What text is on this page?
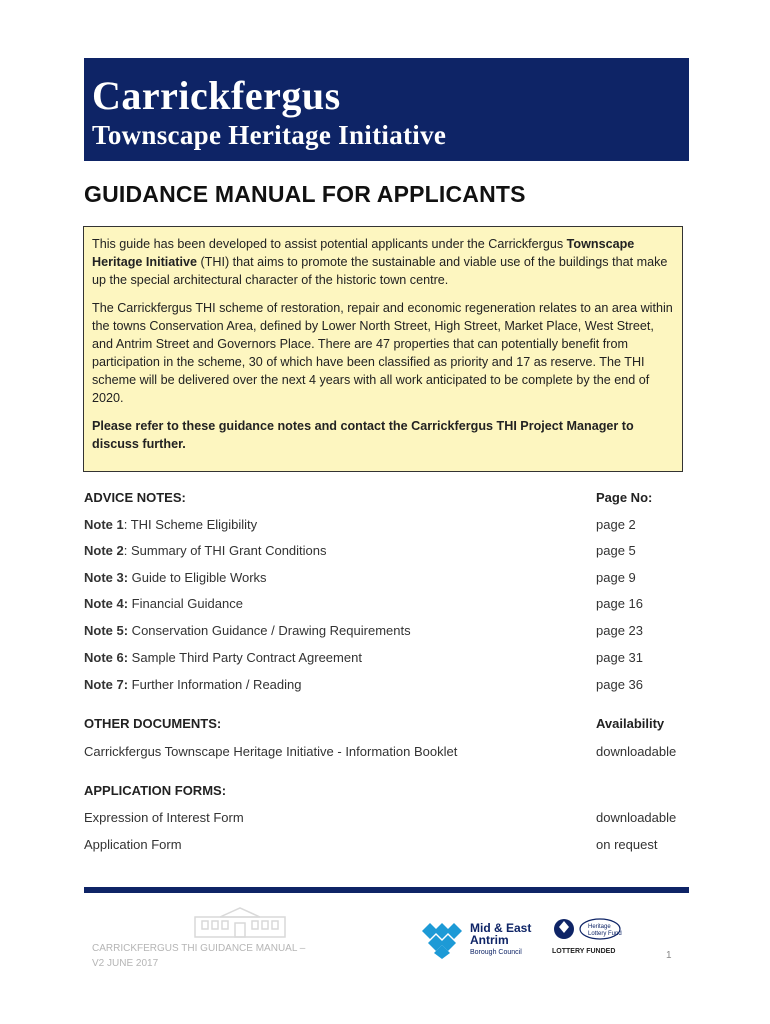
Carrickfergus
Townscape Heritage Initiative
GUIDANCE MANUAL FOR APPLICANTS

This guide has been developed to assist potential applicants under the Carrickfergus Townscape Heritage Initiative (THI) that aims to promote the sustainable and viable use of the buildings that make up the special architectural character of the historic town centre.

The Carrickfergus THI scheme of restoration, repair and economic regeneration relates to an area within the towns Conservation Area, defined by Lower North Street, High Street, Market Place, West Street, and Antrim Street and Governors Place. There are 47 properties that can potentially benefit from participation in the scheme, 30 of which have been classified as priority and 17 as reserve. The THI scheme will be delivered over the next 4 years with all work anticipated to be complete by the end of 2020.

Please refer to these guidance notes and contact the Carrickfergus THI Project Manager to discuss further.

ADVICE NOTES:	Page No:
Note 1: THI Scheme Eligibility	page 2
Note 2: Summary of THI Grant Conditions	page 5
Note 3: Guide to Eligible Works	page 9
Note 4: Financial Guidance	page 16
Note 5: Conservation Guidance / Drawing Requirements	page 23
Note 6: Sample Third Party Contract Agreement	page 31
Note 7: Further Information / Reading	page 36
OTHER DOCUMENTS:	Availability
Carrickfergus Townscape Heritage Initiative - Information Booklet	downloadable
APPLICATION FORMS:
Expression of Interest Form	downloadable
Application Form	on request
CARRICKFERGUS THI GUIDANCE MANUAL –
V2 JUNE 2017
Mid & East
Antrim
Borough Council
Heritage
Lottery Fund
LOTTERY FUNDED	1
